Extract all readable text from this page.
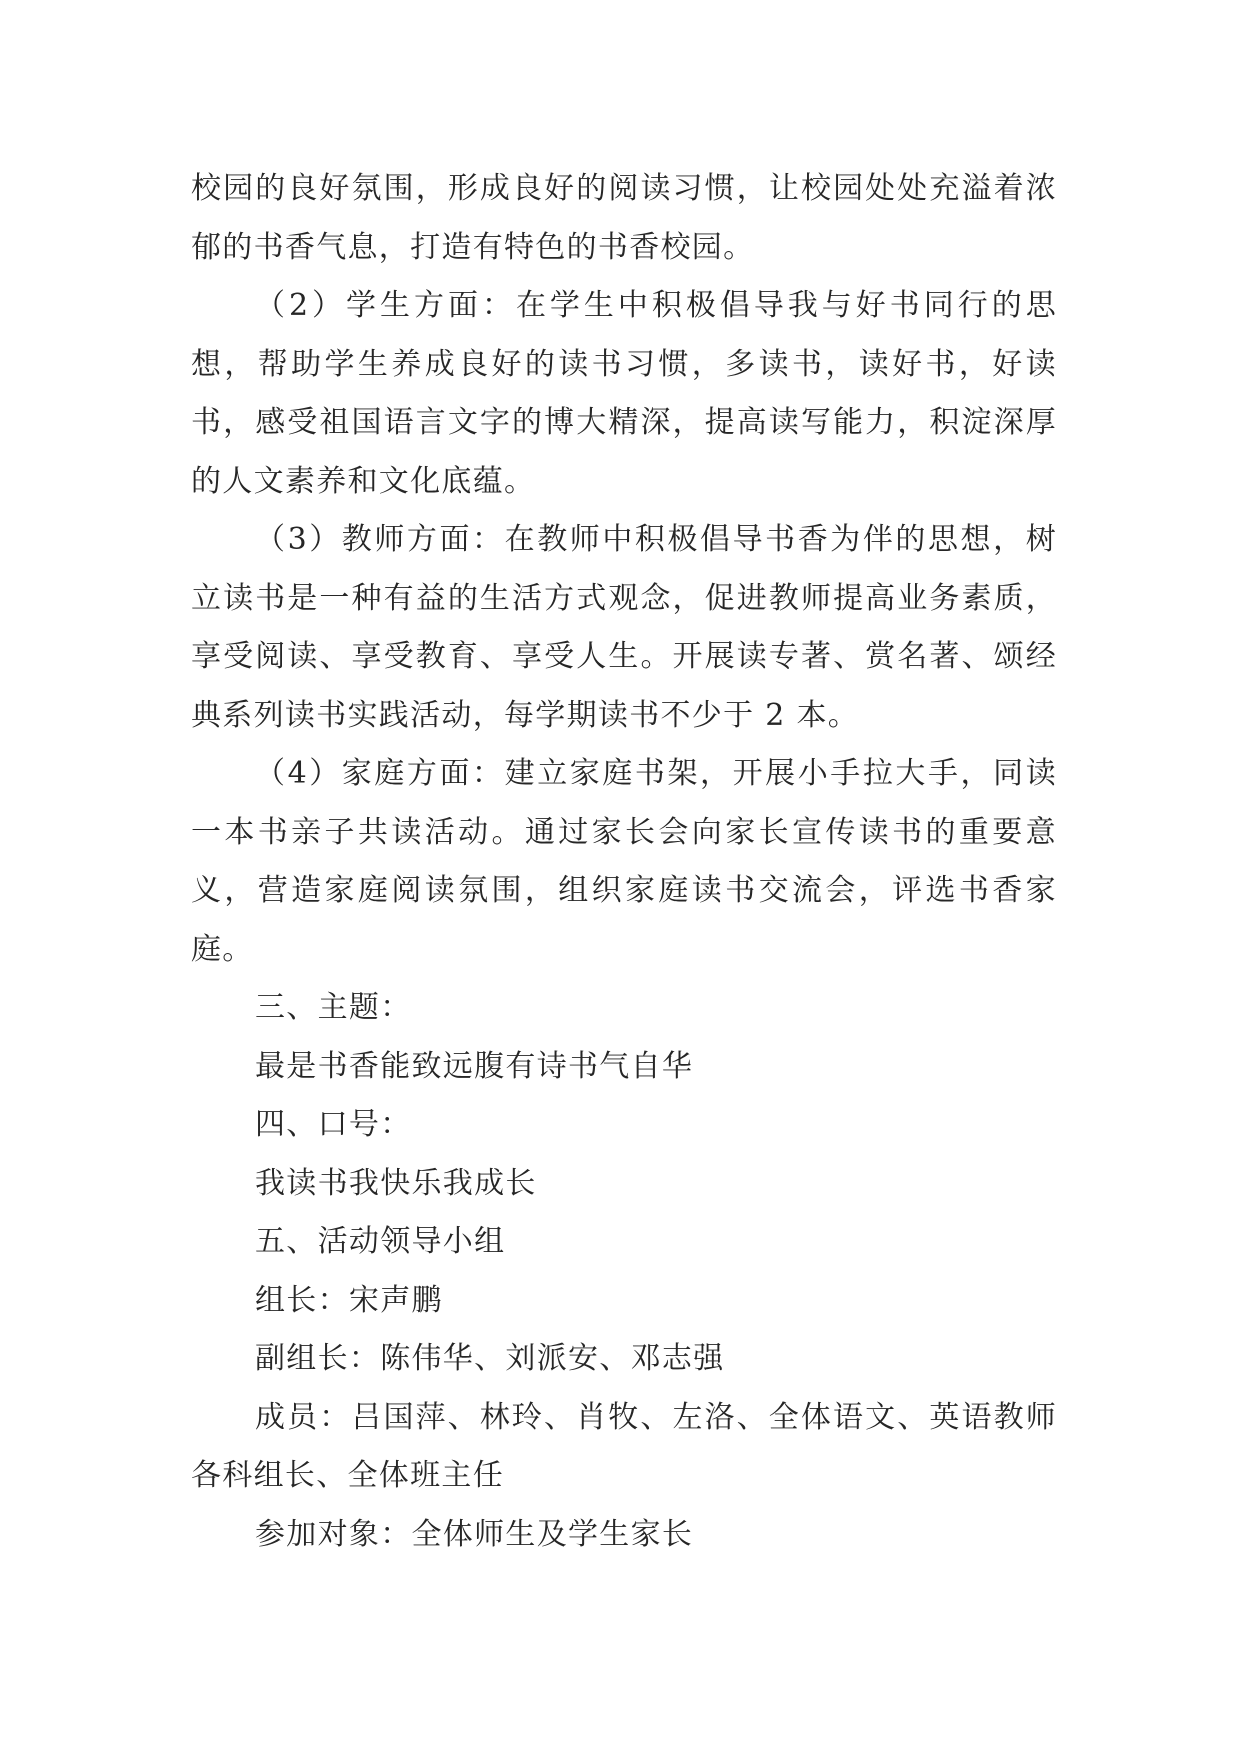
校园的良好氛围，形成良好的阅读习惯，让校园处处充溢着浓郁的书香气息，打造有特色的书香校园。

（2）学生方面：在学生中积极倡导我与好书同行的思想，帮助学生养成良好的读书习惯，多读书，读好书，好读书，感受祖国语言文字的博大精深，提高读写能力，积淀深厚的人文素养和文化底蕴。

（3）教师方面：在教师中积极倡导书香为伴的思想，树立读书是一种有益的生活方式观念，促进教师提高业务素质，享受阅读、享受教育、享受人生。开展读专著、赏名著、颂经典系列读书实践活动，每学期读书不少于 2 本。

（4）家庭方面：建立家庭书架，开展小手拉大手，同读一本书亲子共读活动。通过家长会向家长宣传读书的重要意义，营造家庭阅读氛围，组织家庭读书交流会，评选书香家庭。

三、主题：

最是书香能致远腹有诗书气自华

四、口号：

我读书我快乐我成长

五、活动领导小组

组长：宋声鹏

副组长：陈伟华、刘派安、邓志强

成员：吕国萍、林玲、肖牧、左洛、全体语文、英语教师各科组长、全体班主任

参加对象：全体师生及学生家长
